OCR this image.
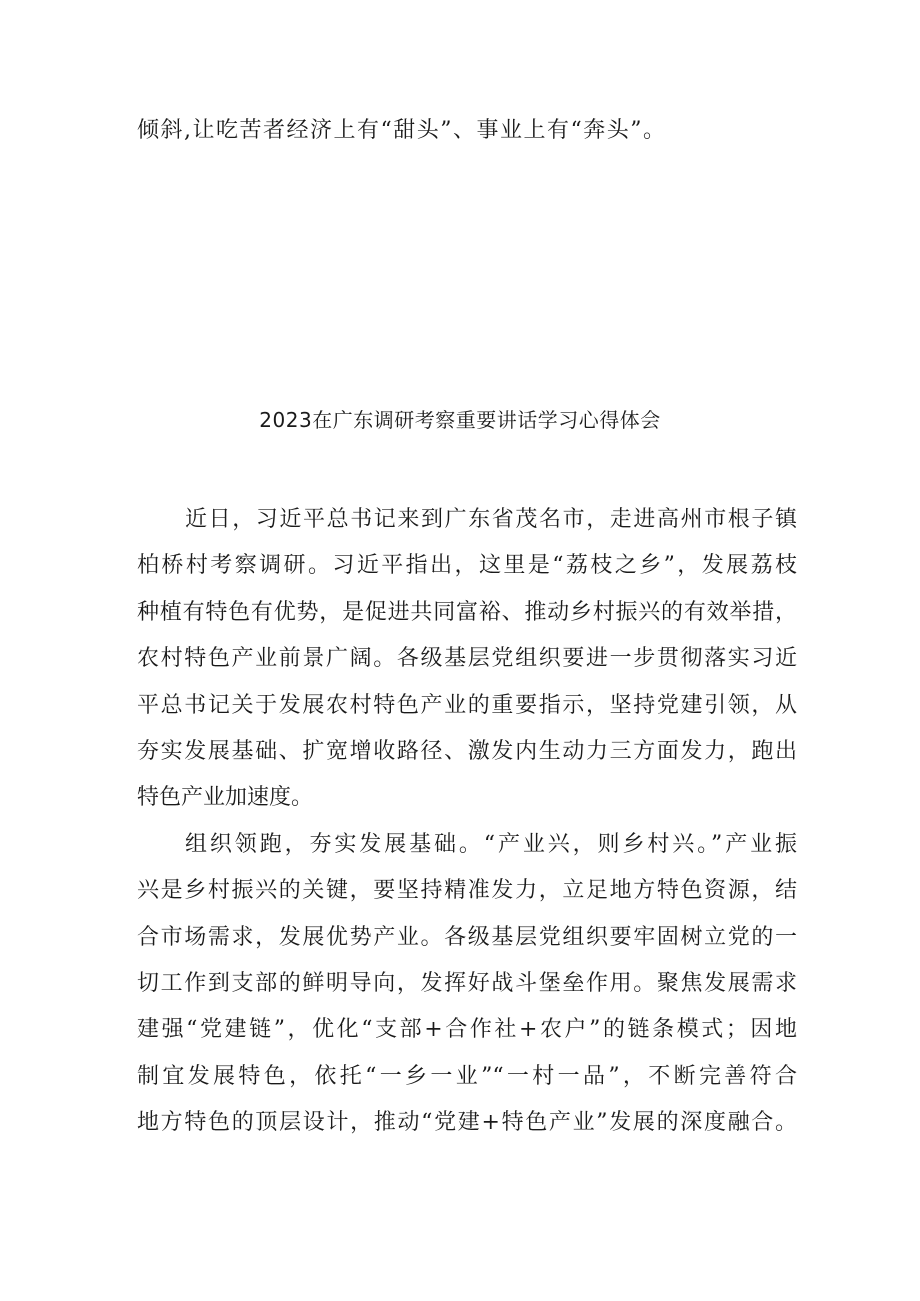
倾斜,让吃苦者经济上有“甜头”、事业上有“奔头”。
2023在广东调研考察重要讲话学习心得体会
近日，习近平总书记来到广东省茂名市，走进高州市根子镇
柏桥村考察调研。习近平指出，这里是“荔枝之乡”，发展荔枝
种植有特色有优势，是促进共同富裕、推动乡村振兴的有效举措，
农村特色产业前景广阔。各级基层党组织要进一步贯彻落实习近
平总书记关于发展农村特色产业的重要指示，坚持党建引领，从
夯实发展基础、扩宽增收路径、激发内生动力三方面发力，跑出
特色产业加速度。
组织领跑，夯实发展基础。“产业兴，则乡村兴。”产业振
兴是乡村振兴的关键，要坚持精准发力，立足地方特色资源，结
合市场需求，发展优势产业。各级基层党组织要牢固树立党的一
切工作到支部的鲜明导向，发挥好战斗堡垒作用。聚焦发展需求
建强“党建链”，优化“支部+合作社+农户”的链条模式；因地
制宜发展特色，依托“一乡一业”“一村一品”，不断完善符合
地方特色的顶层设计，推动“党建+特色产业”发展的深度融合。
